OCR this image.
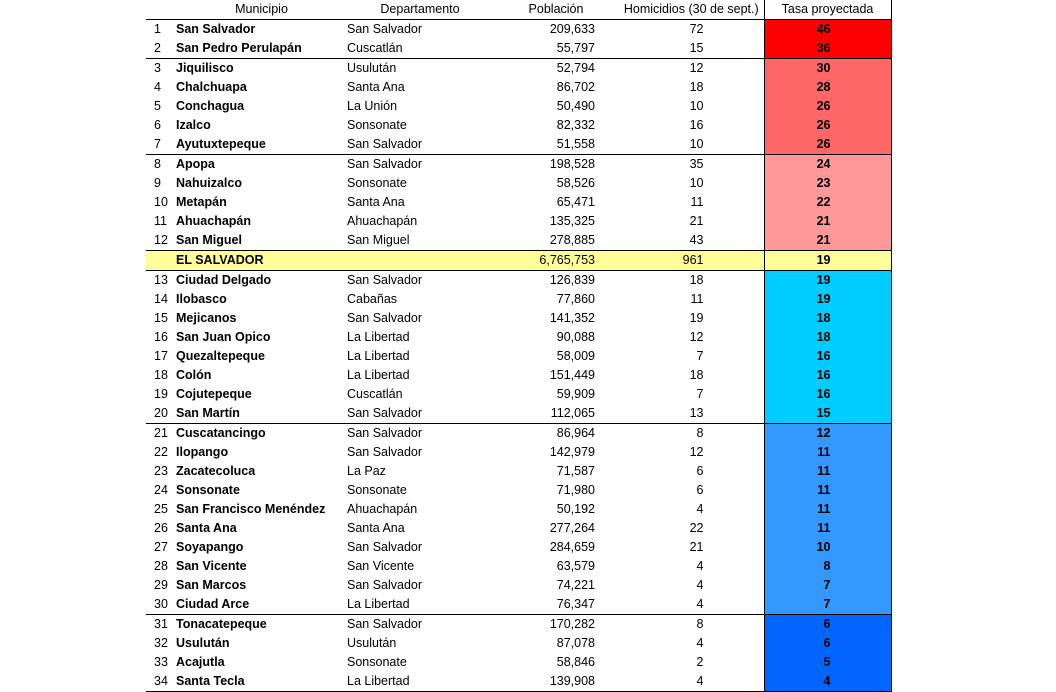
	Municipio	Departamento	Población	Homicidios (30 de sept.)	Tasa proyectada
1	San Salvador	San Salvador	209,633	72	46
2	San Pedro Perulapán	Cuscatlán	55,797	15	36
3	Jiquilisco	Usulután	52,794	12	30
4	Chalchuapa	Santa Ana	86,702	18	28
5	Conchagua	La Unión	50,490	10	26
6	Izalco	Sonsonate	82,332	16	26
7	Ayutuxtepeque	San Salvador	51,558	10	26
8	Apopa	San Salvador	198,528	35	24
9	Nahuizalco	Sonsonate	58,526	10	23
10	Metapán	Santa Ana	65,471	11	22
11	Ahuachapán	Ahuachapán	135,325	21	21
12	San Miguel	San Miguel	278,885	43	21
	EL SALVADOR		6,765,753	961	19
13	Ciudad Delgado	San Salvador	126,839	18	19
14	Ilobasco	Cabañas	77,860	11	19
15	Mejicanos	San Salvador	141,352	19	18
16	San Juan Opico	La Libertad	90,088	12	18
17	Quezaltepeque	La Libertad	58,009	7	16
18	Colón	La Libertad	151,449	18	16
19	Cojutepeque	Cuscatlán	59,909	7	16
20	San Martín	San Salvador	112,065	13	15
21	Cuscatancingo	San Salvador	86,964	8	12
22	Ilopango	San Salvador	142,979	12	11
23	Zacatecoluca	La Paz	71,587	6	11
24	Sonsonate	Sonsonate	71,980	6	11
25	San Francisco Menéndez	Ahuachapán	50,192	4	11
26	Santa Ana	Santa Ana	277,264	22	11
27	Soyapango	San Salvador	284,659	21	10
28	San Vicente	San Vicente	63,579	4	8
29	San Marcos	San Salvador	74,221	4	7
30	Ciudad Arce	La Libertad	76,347	4	7
31	Tonacatepeque	San Salvador	170,282	8	6
32	Usulután	Usulután	87,078	4	6
33	Acajutla	Sonsonate	58,846	2	5
34	Santa Tecla	La Libertad	139,908	4	4
